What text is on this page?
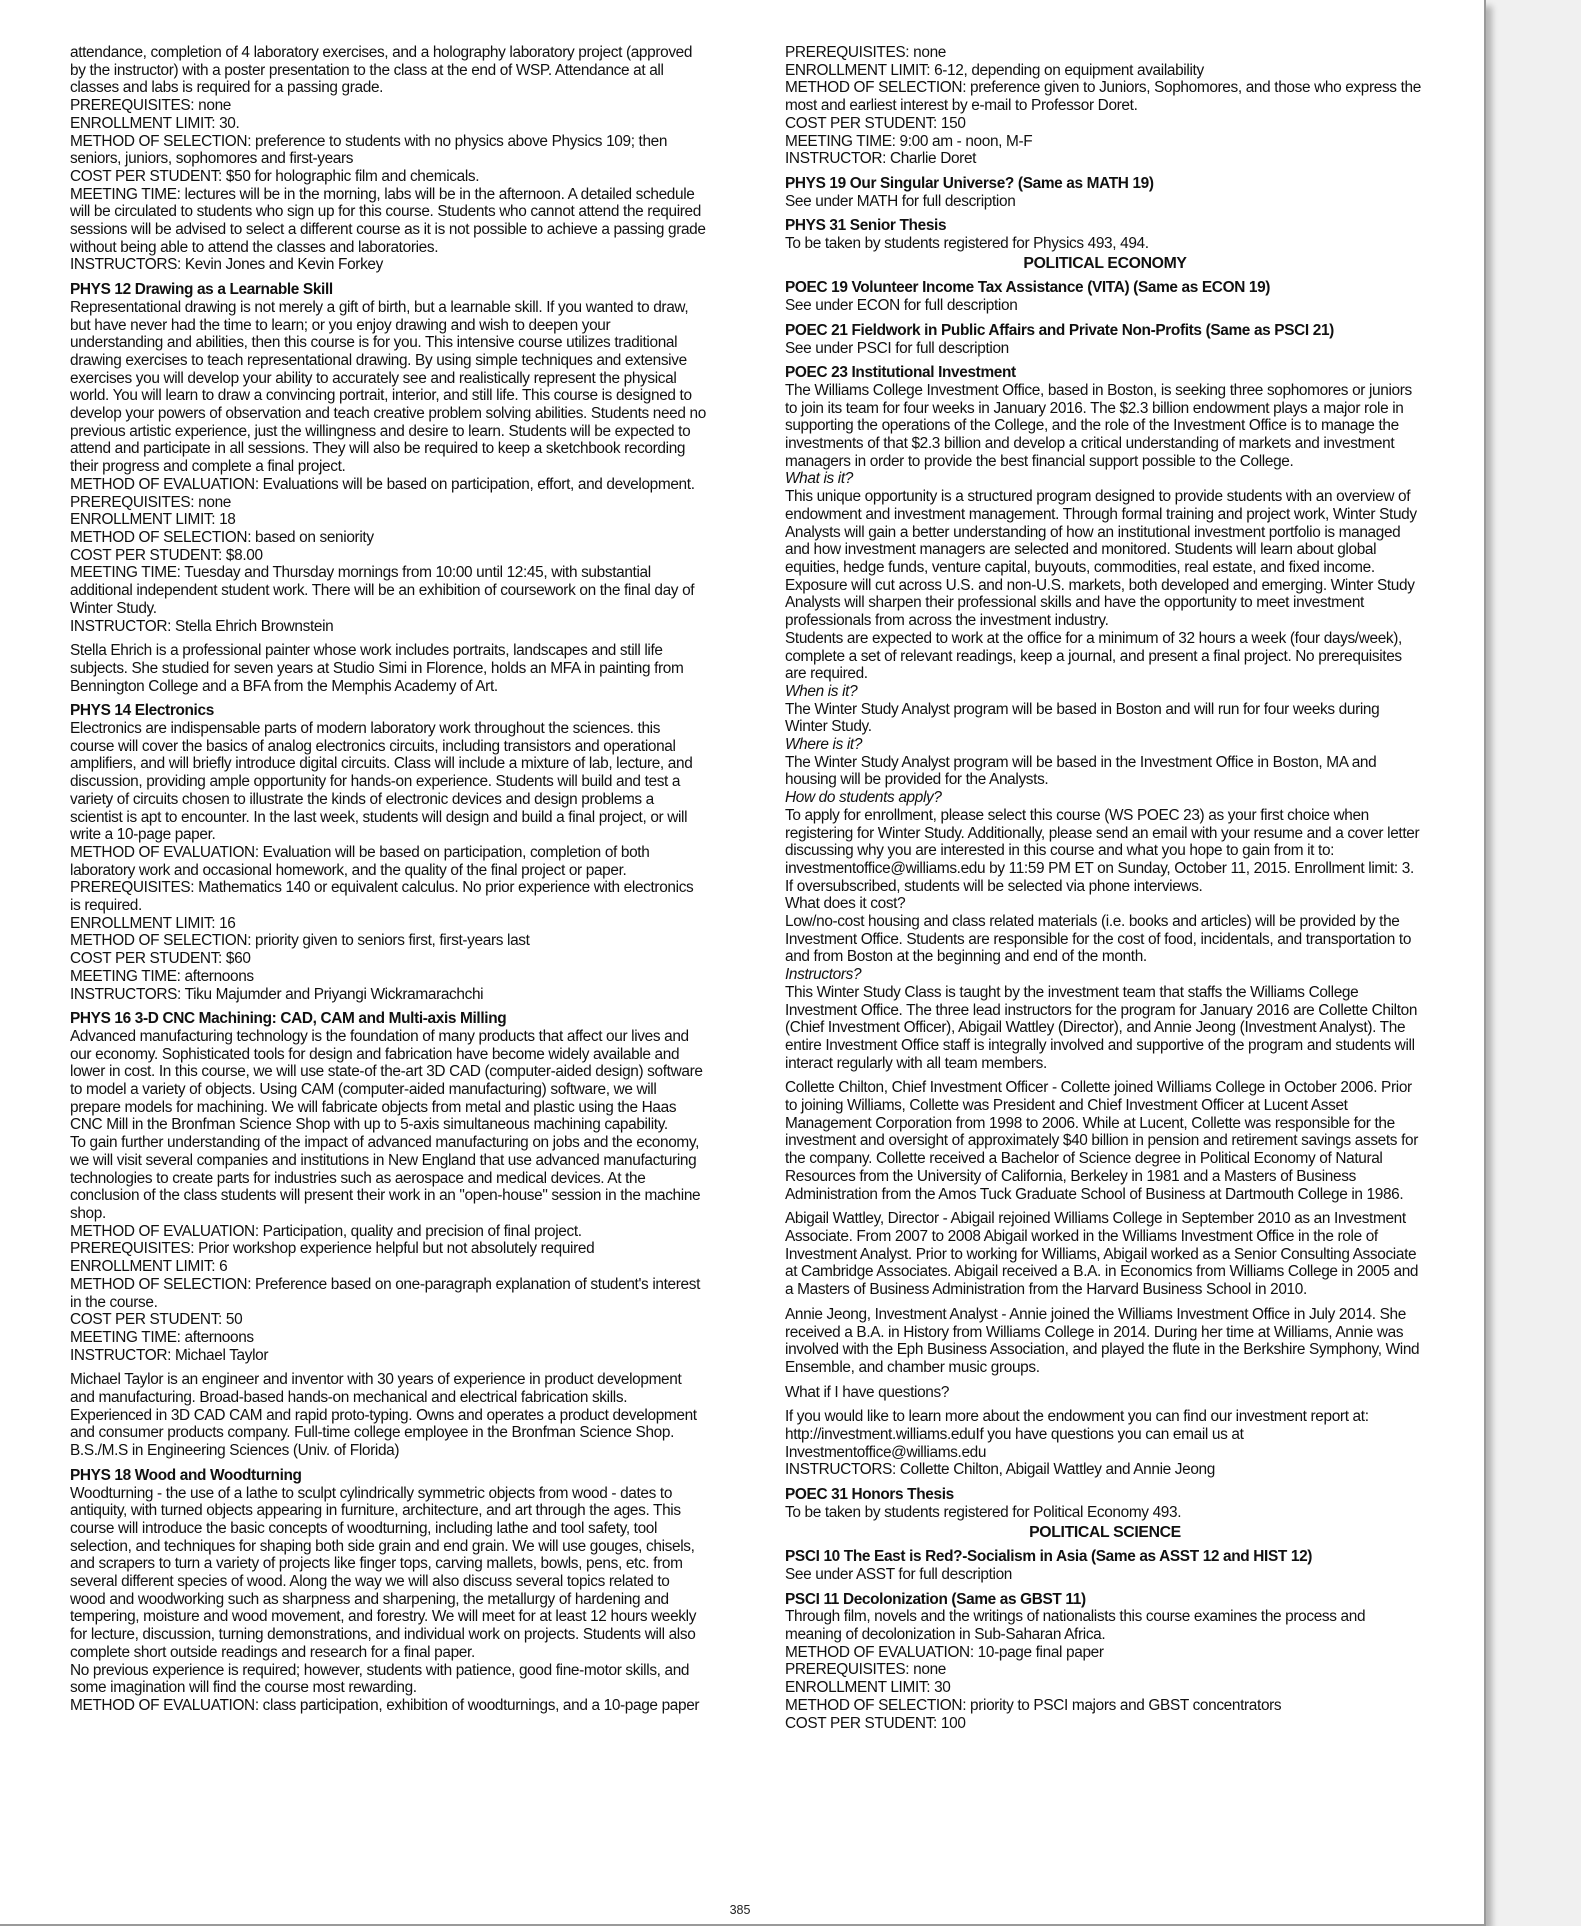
attendance, completion of 4 laboratory exercises, and a holography laboratory project (approved by the instructor) with a poster presentation to the class at the end of WSP. Attendance at all classes and labs is required for a passing grade.

PREREQUISITES: none

ENROLLMENT LIMIT: 30.

METHOD OF SELECTION: preference to students with no physics above Physics 109; then seniors, juniors, sophomores and first-years

COST PER STUDENT: $50 for holographic film and chemicals.

MEETING TIME: lectures will be in the morning, labs will be in the afternoon. A detailed schedule will be circulated to students who sign up for this course. Students who cannot attend the required sessions will be advised to select a different course as it is not possible to achieve a passing grade without being able to attend the classes and laboratories.

INSTRUCTORS: Kevin Jones and Kevin Forkey

PHYS 12 Drawing as a Learnable Skill

Representational drawing is not merely a gift of birth, but a learnable skill. If you wanted to draw, but have never had the time to learn; or you enjoy drawing and wish to deepen your understanding and abilities, then this course is for you. This intensive course utilizes traditional drawing exercises to teach representational drawing. By using simple techniques and extensive exercises you will develop your ability to accurately see and realistically represent the physical world. You will learn to draw a convincing portrait, interior, and still life. This course is designed to develop your powers of observation and teach creative problem solving abilities. Students need no previous artistic experience, just the willingness and desire to learn. Students will be expected to attend and participate in all sessions. They will also be required to keep a sketchbook recording their progress and complete a final project.

METHOD OF EVALUATION: Evaluations will be based on participation, effort, and development.

PREREQUISITES: none

ENROLLMENT LIMIT: 18

METHOD OF SELECTION: based on seniority

COST PER STUDENT: $8.00

MEETING TIME: Tuesday and Thursday mornings from 10:00 until 12:45, with substantial additional independent student work. There will be an exhibition of coursework on the final day of Winter Study.

INSTRUCTOR: Stella Ehrich Brownstein

Stella Ehrich is a professional painter whose work includes portraits, landscapes and still life subjects. She studied for seven years at Studio Simi in Florence, holds an MFA in painting from Bennington College and a BFA from the Memphis Academy of Art.

PHYS 14 Electronics

Electronics are indispensable parts of modern laboratory work throughout the sciences. this course will cover the basics of analog electronics circuits, including transistors and operational amplifiers, and will briefly introduce digital circuits. Class will include a mixture of lab, lecture, and discussion, providing ample opportunity for hands-on experience. Students will build and test a variety of circuits chosen to illustrate the kinds of electronic devices and design problems a scientist is apt to encounter. In the last week, students will design and build a final project, or will write a 10-page paper.

METHOD OF EVALUATION: Evaluation will be based on participation, completion of both laboratory work and occasional homework, and the quality of the final project or paper.

PREREQUISITES: Mathematics 140 or equivalent calculus. No prior experience with electronics is required.

ENROLLMENT LIMIT: 16

METHOD OF SELECTION: priority given to seniors first, first-years last

COST PER STUDENT: $60

MEETING TIME: afternoons

INSTRUCTORS: Tiku Majumder and Priyangi Wickramarachchi

PHYS 16 3-D CNC Machining: CAD, CAM and Multi-axis Milling

Advanced manufacturing technology is the foundation of many products that affect our lives and our economy. Sophisticated tools for design and fabrication have become widely available and lower in cost. In this course, we will use state-of the-art 3D CAD (computer-aided design) software to model a variety of objects. Using CAM (computer-aided manufacturing) software, we will prepare models for machining. We will fabricate objects from metal and plastic using the Haas CNC Mill in the Bronfman Science Shop with up to 5-axis simultaneous machining capability.

To gain further understanding of the impact of advanced manufacturing on jobs and the economy, we will visit several companies and institutions in New England that use advanced manufacturing technologies to create parts for industries such as aerospace and medical devices. At the conclusion of the class students will present their work in an "open-house" session in the machine shop.

METHOD OF EVALUATION: Participation, quality and precision of final project.

PREREQUISITES: Prior workshop experience helpful but not absolutely required

ENROLLMENT LIMIT: 6

METHOD OF SELECTION: Preference based on one-paragraph explanation of student's interest in the course.

COST PER STUDENT: 50

MEETING TIME: afternoons

INSTRUCTOR: Michael Taylor

Michael Taylor is an engineer and inventor with 30 years of experience in product development and manufacturing. Broad-based hands-on mechanical and electrical fabrication skills. Experienced in 3D CAD CAM and rapid proto-typing. Owns and operates a product development and consumer products company. Full-time college employee in the Bronfman Science Shop. B.S./M.S in Engineering Sciences (Univ. of Florida)

PHYS 18 Wood and Woodturning

Woodturning - the use of a lathe to sculpt cylindrically symmetric objects from wood - dates to antiquity, with turned objects appearing in furniture, architecture, and art through the ages. This course will introduce the basic concepts of woodturning, including lathe and tool safety, tool selection, and techniques for shaping both side grain and end grain. We will use gouges, chisels, and scrapers to turn a variety of projects like finger tops, carving mallets, bowls, pens, etc. from several different species of wood. Along the way we will also discuss several topics related to wood and woodworking such as sharpness and sharpening, the metallurgy of hardening and tempering, moisture and wood movement, and forestry. We will meet for at least 12 hours weekly for lecture, discussion, turning demonstrations, and individual work on projects. Students will also complete short outside readings and research for a final paper.

No previous experience is required; however, students with patience, good fine-motor skills, and some imagination will find the course most rewarding.

METHOD OF EVALUATION: class participation, exhibition of woodturnings, and a 10-page paper

PREREQUISITES: none

ENROLLMENT LIMIT: 6-12, depending on equipment availability

METHOD OF SELECTION: preference given to Juniors, Sophomores, and those who express the most and earliest interest by e-mail to Professor Doret.

COST PER STUDENT: 150

MEETING TIME: 9:00 am - noon, M-F

INSTRUCTOR: Charlie Doret

PHYS 19 Our Singular Universe? (Same as MATH 19)

See under MATH for full description

PHYS 31 Senior Thesis

To be taken by students registered for Physics 493, 494.

POLITICAL ECONOMY

POEC 19 Volunteer Income Tax Assistance (VITA) (Same as ECON 19)

See under ECON for full description

POEC 21 Fieldwork in Public Affairs and Private Non-Profits (Same as PSCI 21)

See under PSCI for full description

POEC 23 Institutional Investment

The Williams College Investment Office, based in Boston, is seeking three sophomores or juniors to join its team for four weeks in January 2016. The $2.3 billion endowment plays a major role in supporting the operations of the College, and the role of the Investment Office is to manage the investments of that $2.3 billion and develop a critical understanding of markets and investment managers in order to provide the best financial support possible to the College.

What is it?

This unique opportunity is a structured program designed to provide students with an overview of endowment and investment management. Through formal training and project work, Winter Study Analysts will gain a better understanding of how an institutional investment portfolio is managed and how investment managers are selected and monitored. Students will learn about global equities, hedge funds, venture capital, buyouts, commodities, real estate, and fixed income. Exposure will cut across U.S. and non-U.S. markets, both developed and emerging. Winter Study Analysts will sharpen their professional skills and have the opportunity to meet investment professionals from across the investment industry.

Students are expected to work at the office for a minimum of 32 hours a week (four days/week), complete a set of relevant readings, keep a journal, and present a final project. No prerequisites are required.

When is it?

The Winter Study Analyst program will be based in Boston and will run for four weeks during Winter Study.

Where is it?

The Winter Study Analyst program will be based in the Investment Office in Boston, MA and housing will be provided for the Analysts.

How do students apply?

To apply for enrollment, please select this course (WS POEC 23) as your first choice when registering for Winter Study. Additionally, please send an email with your resume and a cover letter discussing why you are interested in this course and what you hope to gain from it to: investmentoffice@williams.edu by 11:59 PM ET on Sunday, October 11, 2015. Enrollment limit: 3. If oversubscribed, students will be selected via phone interviews.

What does it cost?

Low/no-cost housing and class related materials (i.e. books and articles) will be provided by the Investment Office. Students are responsible for the cost of food, incidentals, and transportation to and from Boston at the beginning and end of the month.

Instructors?

This Winter Study Class is taught by the investment team that staffs the Williams College Investment Office. The three lead instructors for the program for January 2016 are Collette Chilton (Chief Investment Officer), Abigail Wattley (Director), and Annie Jeong (Investment Analyst). The entire Investment Office staff is integrally involved and supportive of the program and students will interact regularly with all team members.

Collette Chilton, Chief Investment Officer - Collette joined Williams College in October 2006. Prior to joining Williams, Collette was President and Chief Investment Officer at Lucent Asset Management Corporation from 1998 to 2006. While at Lucent, Collette was responsible for the investment and oversight of approximately $40 billion in pension and retirement savings assets for the company. Collette received a Bachelor of Science degree in Political Economy of Natural Resources from the University of California, Berkeley in 1981 and a Masters of Business Administration from the Amos Tuck Graduate School of Business at Dartmouth College in 1986.

Abigail Wattley, Director - Abigail rejoined Williams College in September 2010 as an Investment Associate. From 2007 to 2008 Abigail worked in the Williams Investment Office in the role of Investment Analyst. Prior to working for Williams, Abigail worked as a Senior Consulting Associate at Cambridge Associates. Abigail received a B.A. in Economics from Williams College in 2005 and a Masters of Business Administration from the Harvard Business School in 2010.

Annie Jeong, Investment Analyst - Annie joined the Williams Investment Office in July 2014. She received a B.A. in History from Williams College in 2014. During her time at Williams, Annie was involved with the Eph Business Association, and played the flute in the Berkshire Symphony, Wind Ensemble, and chamber music groups.

What if I have questions?

If you would like to learn more about the endowment you can find our investment report at: http://investment.williams.eduIf you have questions you can email us at Investmentoffice@williams.edu

INSTRUCTORS: Collette Chilton, Abigail Wattley and Annie Jeong

POEC 31 Honors Thesis

To be taken by students registered for Political Economy 493.

POLITICAL SCIENCE

PSCI 10 The East is Red?-Socialism in Asia (Same as ASST 12 and HIST 12)

See under ASST for full description

PSCI 11 Decolonization (Same as GBST 11)

Through film, novels and the writings of nationalists this course examines the process and meaning of decolonization in Sub-Saharan Africa.

METHOD OF EVALUATION: 10-page final paper

PREREQUISITES: none

ENROLLMENT LIMIT: 30

METHOD OF SELECTION: priority to PSCI majors and GBST concentrators

COST PER STUDENT: 100

385
